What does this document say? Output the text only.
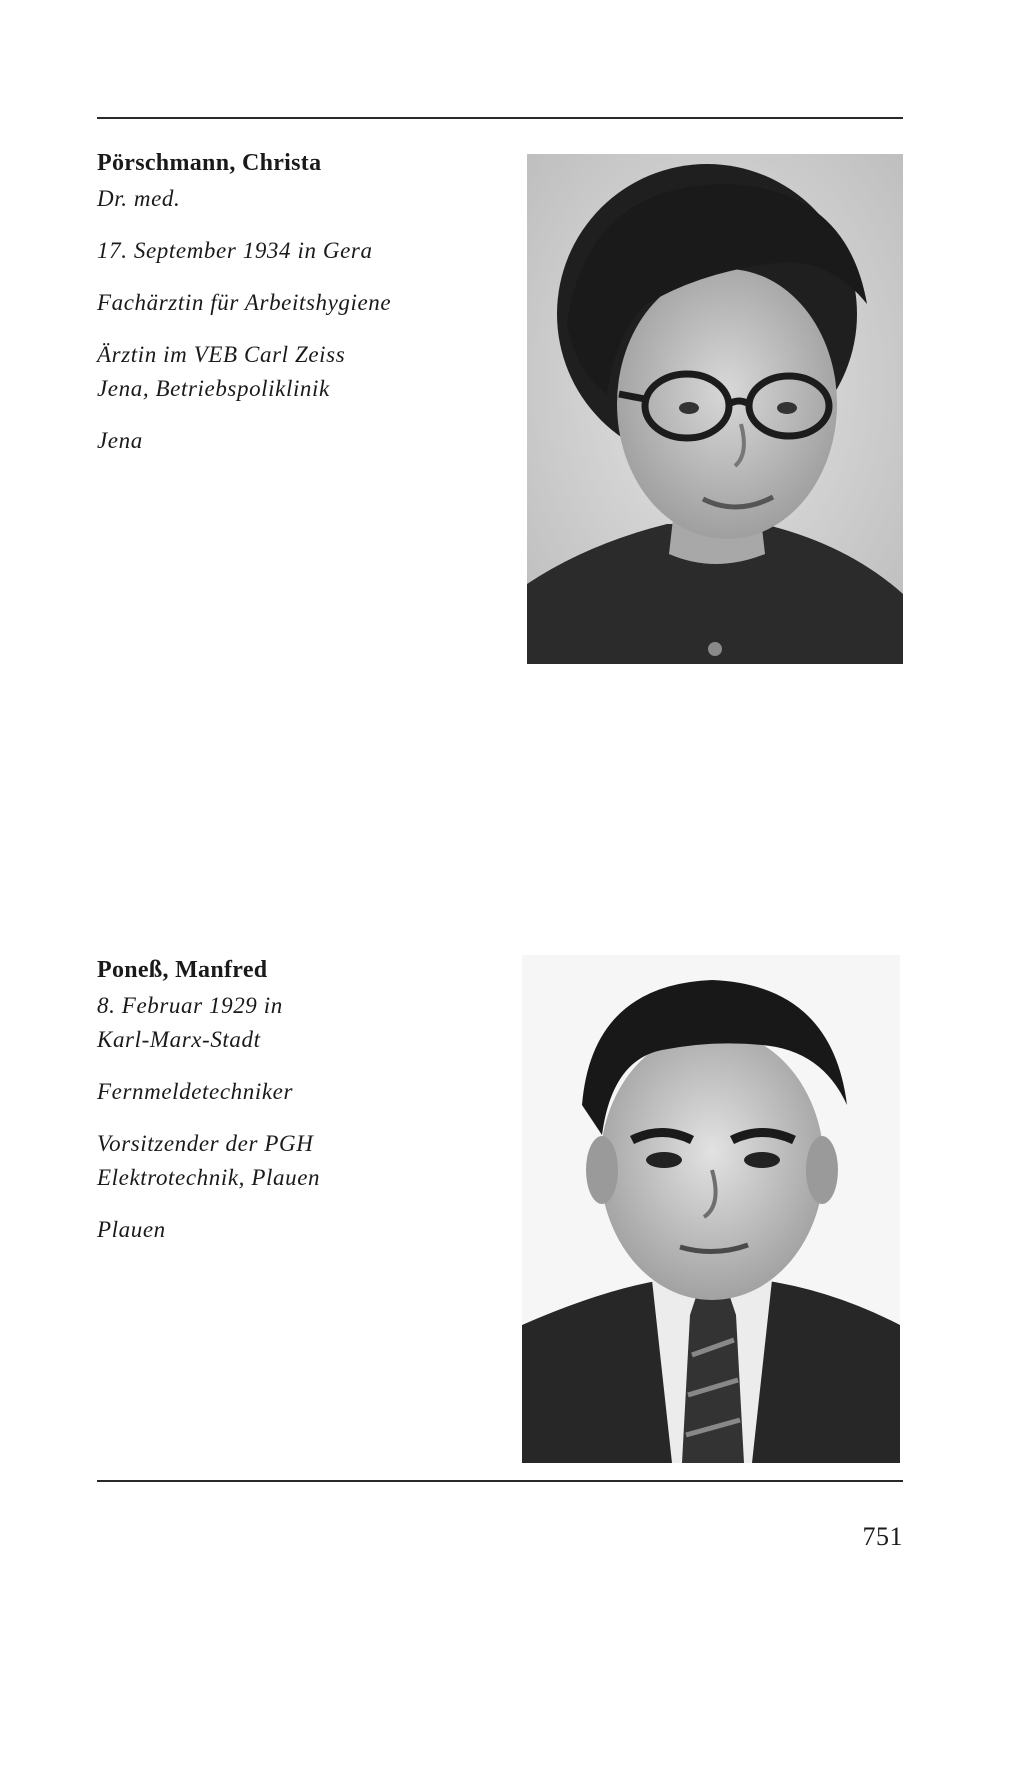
Pörschmann, Christa

Dr. med.

17. September 1934 in Gera

Fachärztin für Arbeitshygiene

Ärztin im VEB Carl Zeiss

Jena, Betriebspoliklinik

Jena

Poneß, Manfred

8. Februar 1929 in

Karl-Marx-Stadt

Fernmeldetechniker

Vorsitzender der PGH

Elektrotechnik, Plauen

Plauen

751
